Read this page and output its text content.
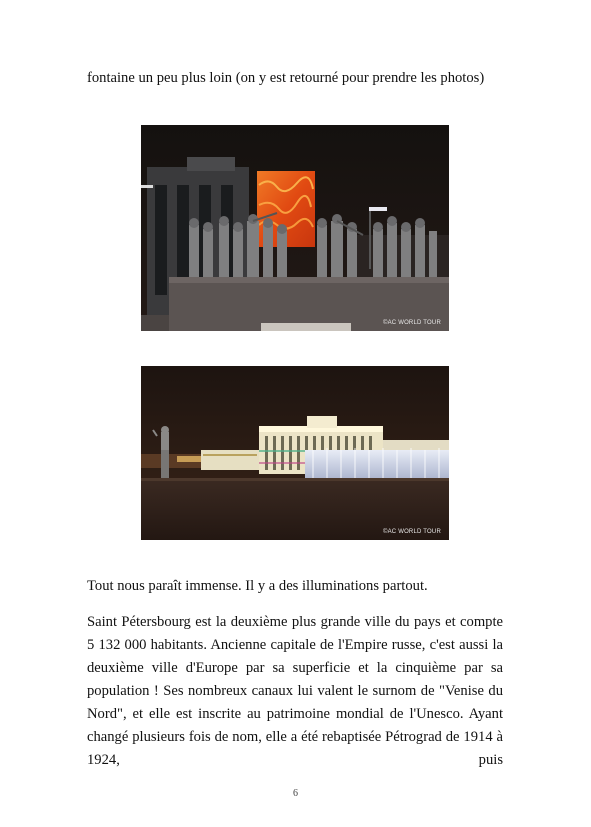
fontaine un peu plus loin (on y est retourné pour prendre les photos)

©AC WORLD TOUR
©AC WORLD TOUR

Tout nous paraît immense. Il y a des illuminations partout.

Saint Pétersbourg est la deuxième plus grande ville du pays et compte 5 132 000 habitants. Ancienne capitale de l'Empire russe, c'est aussi la deuxième ville d'Europe par sa superficie et la cinquième par sa population ! Ses nombreux canaux lui valent le surnom de "Venise du Nord", et elle est inscrite au patrimoine mondial de l'Unesco. Ayant changé plusieurs fois de nom, elle a été rebaptisée Pétrograd de 1914 à 1924, puis

6
